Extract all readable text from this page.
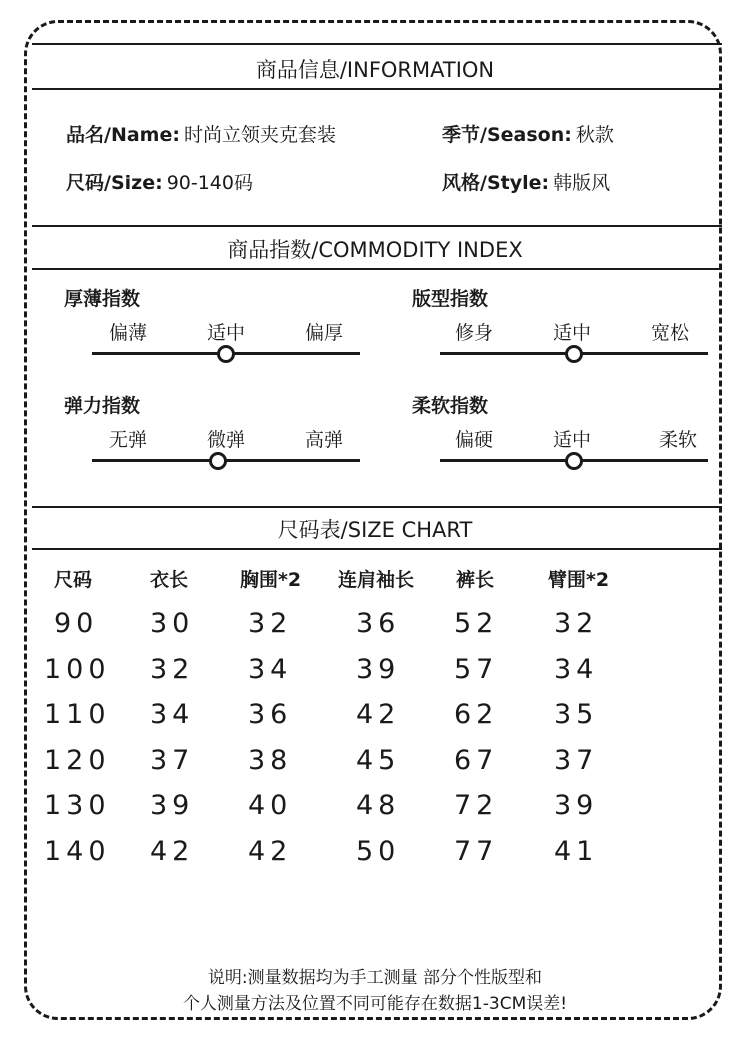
商品信息/INFORMATION
品名/Name: 时尚立领夹克套装	季节/Season: 秋款
尺码/Size: 90-140码	风格/Style: 韩版风
商品指数/COMMODITY INDEX
厚薄指数
偏薄	适中	偏厚
版型指数
修身	适中	宽松
弹力指数
无弹	微弹	高弹
柔软指数
偏硬	适中	柔软
尺码表/SIZE CHART
尺码	衣长	胸围*2 连肩袖长 裤长	臂围*2
90 30 32 36 52 32
100 32 34 39 57 34
110 34 36 42 62 35
120 37 38 45 67 37
130 39 40 48 72 39
140 42 42 50 77 41
说明:测量数据均为手工测量 部分个性版型和
个人测量方法及位置不同可能存在数据1-3CM误差!
